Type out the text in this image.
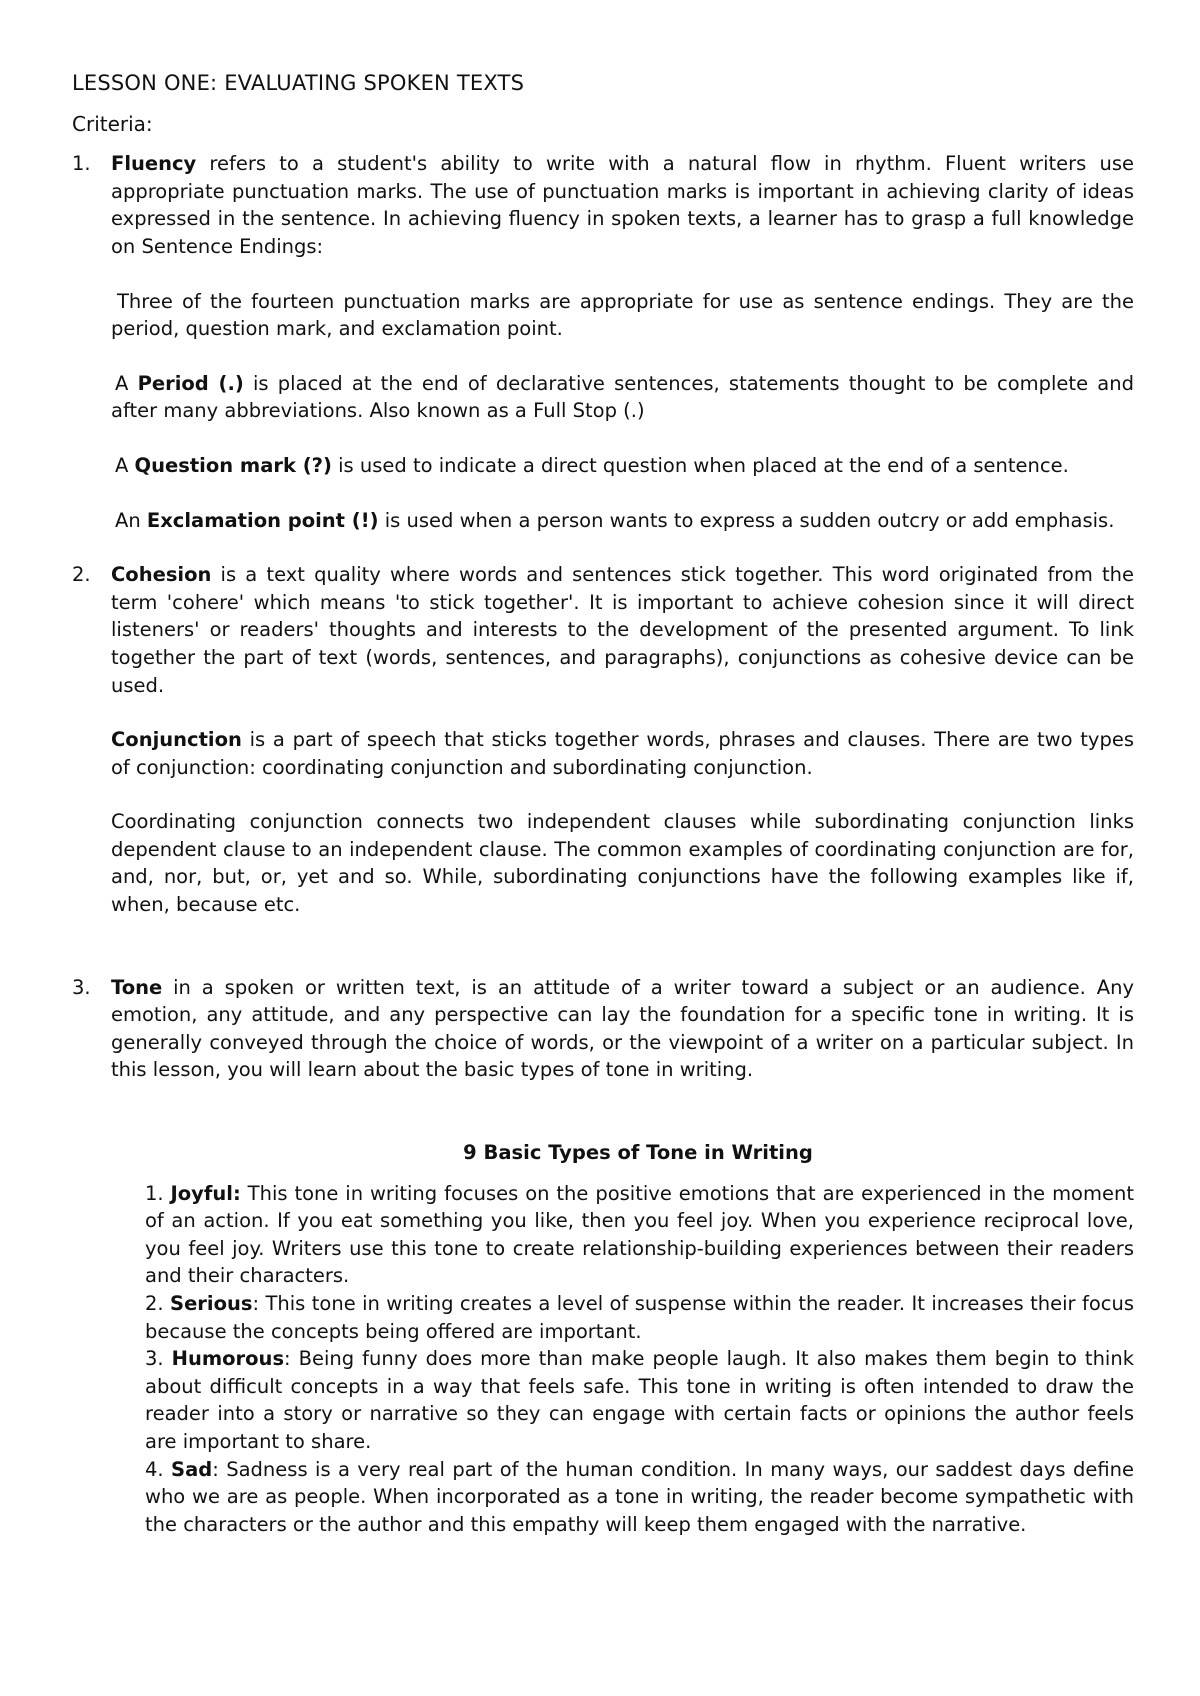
LESSON ONE: EVALUATING SPOKEN TEXTS
Criteria:
1. Fluency refers to a student's ability to write with a natural flow in rhythm. Fluent writers use appropriate punctuation marks. The use of punctuation marks is important in achieving clarity of ideas expressed in the sentence. In achieving fluency in spoken texts, a learner has to grasp a full knowledge on Sentence Endings:

Three of the fourteen punctuation marks are appropriate for use as sentence endings. They are the period, question mark, and exclamation point.

A Period (.) is placed at the end of declarative sentences, statements thought to be complete and after many abbreviations. Also known as a Full Stop (.)

A Question mark (?) is used to indicate a direct question when placed at the end of a sentence.

An Exclamation point (!) is used when a person wants to express a sudden outcry or add emphasis.

2. Cohesion is a text quality where words and sentences stick together. This word originated from the term 'cohere' which means 'to stick together'. It is important to achieve cohesion since it will direct listeners' or readers' thoughts and interests to the development of the presented argument. To link together the part of text (words, sentences, and paragraphs), conjunctions as cohesive device can be used.

Conjunction is a part of speech that sticks together words, phrases and clauses. There are two types of conjunction: coordinating conjunction and subordinating conjunction.

Coordinating conjunction connects two independent clauses while subordinating conjunction links dependent clause to an independent clause. The common examples of coordinating conjunction are for, and, nor, but, or, yet and so. While, subordinating conjunctions have the following examples like if, when, because etc.

3. Tone in a spoken or written text, is an attitude of a writer toward a subject or an audience. Any emotion, any attitude, and any perspective can lay the foundation for a specific tone in writing. It is generally conveyed through the choice of words, or the viewpoint of a writer on a particular subject. In this lesson, you will learn about the basic types of tone in writing.

9 Basic Types of Tone in Writing

1. Joyful: This tone in writing focuses on the positive emotions that are experienced in the moment of an action. If you eat something you like, then you feel joy. When you experience reciprocal love, you feel joy. Writers use this tone to create relationship-building experiences between their readers and their characters.

2. Serious: This tone in writing creates a level of suspense within the reader. It increases their focus because the concepts being offered are important.

3. Humorous: Being funny does more than make people laugh. It also makes them begin to think about difficult concepts in a way that feels safe. This tone in writing is often intended to draw the reader into a story or narrative so they can engage with certain facts or opinions the author feels are important to share.

4. Sad: Sadness is a very real part of the human condition. In many ways, our saddest days define who we are as people. When incorporated as a tone in writing, the reader become sympathetic with the characters or the author and this empathy will keep them engaged with the narrative.
